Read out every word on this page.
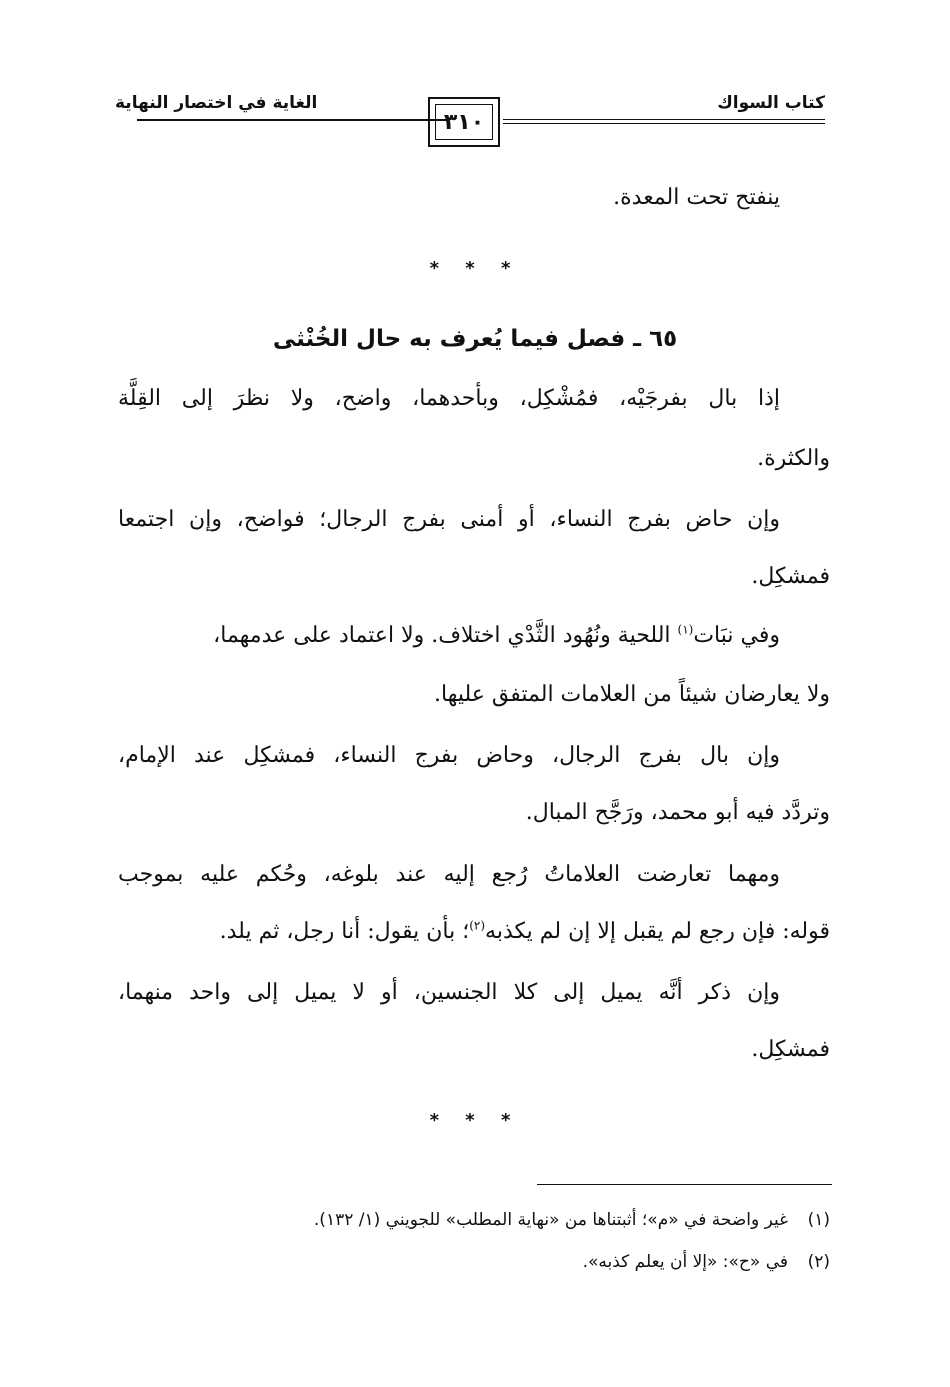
كتاب السواك
الغاية في اختصار النهاية
٣١٠
ينفتح تحت المعدة.
* * *
٦٥ ـ فصل فيما يُعرف به حال الخُنْثى
إذا بال بفرجَيْه، فمُشْكِل، وبأحدهما، واضح، ولا نظرَ إلى القِلَّة
والكثرة.
وإن حاض بفرج النساء، أو أمنى بفرج الرجال؛ فواضح، وإن اجتمعا
فمشكِل.
وفي نبَات$^{(١)}$ اللحية ونُهُود الثَّدْي اختلاف. ولا اعتماد على عدمهما،
ولا يعارضان شيئاً من العلامات المتفق عليها.
وإن بال بفرج الرجال، وحاض بفرج النساء، فمشكِل عند الإمام،
وتردَّد فيه أبو محمد، ورَجَّح المبال.
ومهما تعارضت العلاماتُ رُجع إليه عند بلوغه، وحُكم عليه بموجب
قوله: فإن رجع لم يقبل إلا إن لم يكذبه$^{(٢)}$؛ بأن يقول: أنا رجل، ثم يلد.
وإن ذكر أنَّه يميل إلى كلا الجنسين، أو لا يميل إلى واحد منهما،
فمشكِل.
* * *
(١)غير واضحة في «م»؛ أثبتناها من «نهاية المطلب» للجويني (١/ ١٣٢).
(٢)في «ح»: «إلا أن يعلم كذبه».
